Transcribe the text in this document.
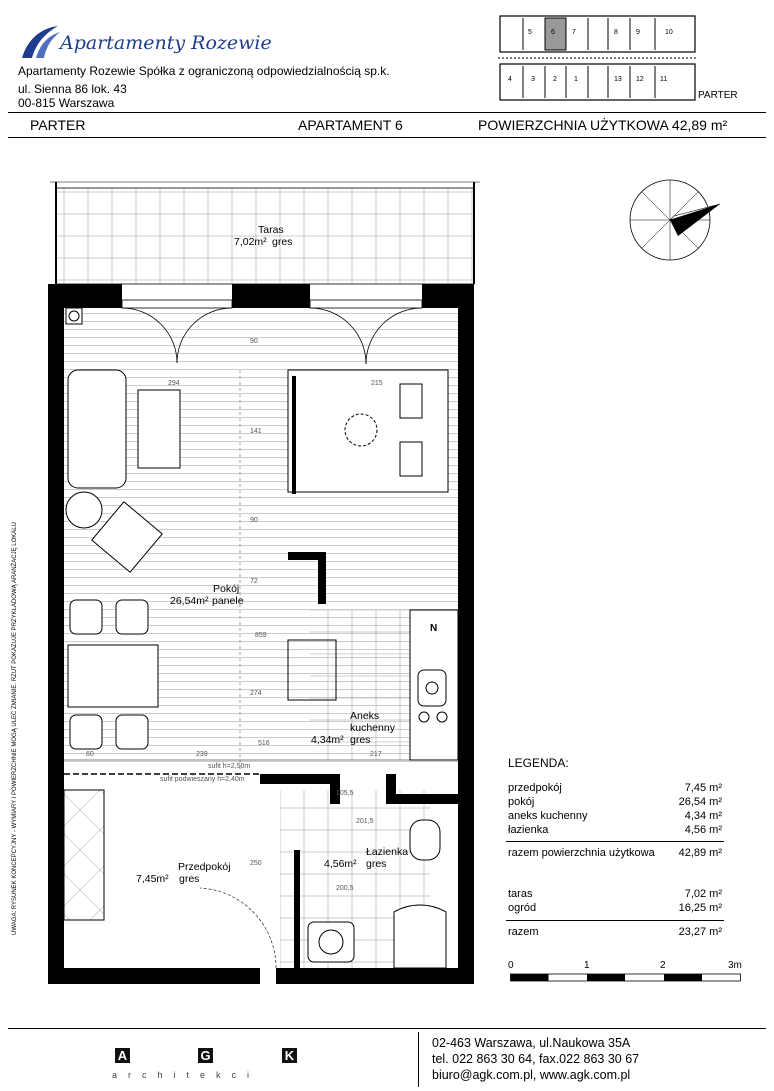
Apartamenty Rozewie
Apartamenty Rozewie Spółka z ograniczoną odpowiedzialnością sp.k.
ul. Sienna 86 lok. 43
00-815 Warszawa
5	6 7	8	9	10
4	3	2 1	13 12 11
PARTER
PARTER	APARTAMENT 6	POWIERZCHNIA UŻYTKOWA 42,89 m²
UWAGA: RYSUNEK KONCEPCYJNY - WYMIARY I POWIERZCHNIE MOGĄ ULEC ZMIANIE. RZUT POKAZUJE PRZYKŁADOWĄ ARANŻACJĘ LOKALU
Taras
7,02m² gres
Pokój
26,54m² panele
Aneks
kuchenny
4,34m² gres
Łazienka
4,56m² gres
Przedpokój
7,45m² gres
N
294	215
90
141
90
72
859
274
60	239
516
217
sufit h=2,50m
sufit podwieszany h=2,40m
201,5
200,5
105,5
250
LEGENDA:
przedpokój	7,45 m²
pokój	26,54 m²
aneks kuchenny	4,34 m²
łazienka	4,56 m²
razem powierzchnia użytkowa	42,89 m²
taras	7,02 m²
ogród	16,25 m²
razem	23,27 m²
0	1	2	3m
A	G	K
architekci
02-463 Warszawa, ul.Naukowa 35A
tel. 022 863 30 64, fax.022 863 30 67
biuro@agk.com.pl, www.agk.com.pl
